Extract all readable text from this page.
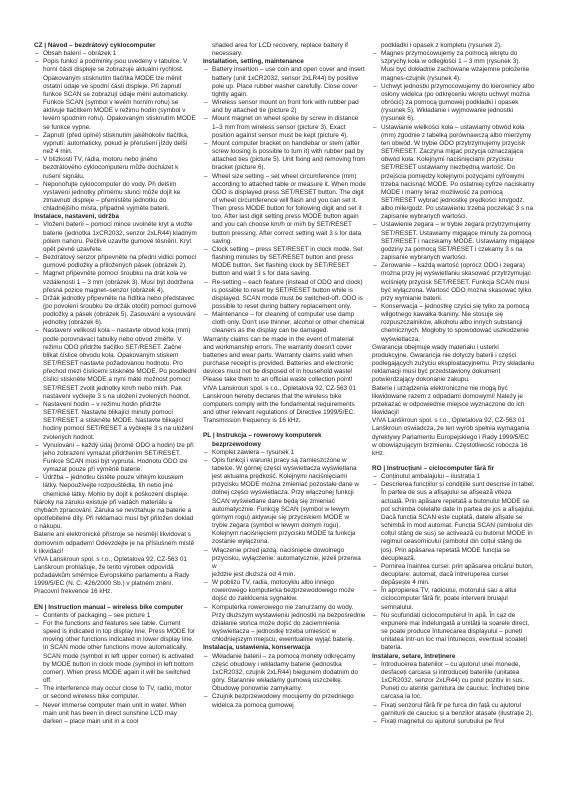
CZ | Návod – bezdrátový cyklocomputer
– Obsah balení – obrázek 1
– Popis funkcí a podmínky jsou uvedeny v tabulce. V horní části displeje se zobrazuje aktuální rychlost. Opakovaným stisknutím tlačítka MODE lze měnit ostatní údaje ve spodní části displeje. Při zapnutí funkce SCAN se zobrazují údaje mění automaticky. Funkce SCAN (symbol v levém horním rohu) se aktivuje tlačítkem MODE v režimu hodin (symbol v levém spodním rohu). Opakovaným stisknutím MODE se funkce vypne.
– Zapnutí (před úplné) stisknutím jakéhokoliv tlačítka, vypnutí: automaticky, pokud je přerušení jízdy delší než 4 min.
– V blízkosti TV, rádia, motoru nebo jiného bezdrátového cyklocomputeru může docházet k rušení signálu.
– Neponořujte cyklocomputer do vody. Při delším vystavení jednotky přímému slunci může dojít ke ztmavnutí displeje – přemístěte jednotku do chladnějšího místa, připadně vyjměte baterii.
Instalace, nastavení, údržba
– Vložení baterií – pomocí mince uvolněte kryt a vložte baterie (jednotka 1xCR2032, senzor 2xLR44) kladným pólem nahoru. Pečlivě uzavřte gumové těsnění. Kryt opět pevně uzavřete.
– Bezdrátový senzor připevněte na přední vidlici pomocí gumové podložky a přiložených pásek (obrázek 2).
– Magnet připevněte pomocí šroubku na drát kola ve vzdálenosti 1 – 3 mm (obrázek 3). Musí být dodržena přesná pozice magnet–senzor (obrázek 4).
– Držák jednotky připevněte na řídítka nebo představec (po povolení šroubku lze držák otočit) pomocí gumové podložky a pásek (obrázek 5). Zasouvání a vysouvání jednotky (obrázek 6).
– Nastavení velikosti kola – nastavte obvod kola (mm) podle porovnávací tabulky nebo obvod změřte. V režimu ODO přidržte tlačítko SET/RESET. Začne blikat číslice obvodu kola. Opakovaným stiskem SET/RESET nastavte požadovanou hodnotu. Pro přechod mezi číslicemi stiskněte MODE. Po posdlední číslici stiskněte MODE a nyní máte možnost pomocí SET/RESET zvolit jednotky km/h nebo mil/h. Pak nastavení vyčkejte 3 s na uložení zvolených hodnot.
– Nastavení hodin – v režimu hodin přidržte SET/RESET. Nastavte blikající minuty pomocí SET/RESET a stiskněte MODE. Nastavte blikající hodiny pomocí SET/RESET a vyčkejte 3 s na uložení zvolených hodnot.
– Vynulování – každý údaj (kromě ODO a hodin) lze při jeho zobrazení vymazat přidržením SET/RESET. Funkce SCAN musí být vypnuta. Hodnotu ODO lze vymazat pouze při výměně baterie.
– Údržba – jednotku čistěte pouze vlhkým kouskem látky. Nepoužívejte rozpouštědla, líh nebo jiné chemické látky. Mohlo by dojít k poškození displeje.

Nároky na záruku existuje při vadách materiálu a chybách zpracování. Záruka se nevztahuje na baterie a opotřebitelné díly. Při reklamaci musí být přiložen doklad o nákupu.

Baterie ani elektronické přístroje se nesmějí likvidovat s domovním odpadem! Odevzdejte je na příslušném místě k likvidaci!

VIVA Lanskroun spol. s r.o., Opletalova 92, CZ-563 01 Lanškroun prohlašuje, že tento výrobek odpovídá požadavkům směrnice Evropského parlamentu a Rady 1999/5/EC (N. C. 426/2000 Sb.) v platném znění. Pracovní frekvence 16 kHz.

EN | Instruction manual – wireless bike computer
– Contents of packaging – see picture 1
– For the functions and features see table. Current speed is indicated in top display line. Press MODE for moving other functions indicated in lower display line. In SCAN mode other functions move automatically. SCAN mode (symbol in left upper corner) is activated by MODE button in clock mode (symbol in left bottom corner). When press MODE again it will be switched off.
– The interference may occur close to TV, radio, motor or second wireless bike computer.
– Never immerse computer main unit in water. When main unit has been in direct sunshine LCD may darken – place main unit in a cool
shaded area for LCD recovery, replace battery if necessary.
Installation, setting, maintenance
– Battery insertion – use coin and open cover and insert battery (unit 1xCR2032, sensor 2xLR44) by positive pole up. Place rubber washer carefully. Close cover tightly again.
– Wireless sensor mount on front fork with rubber pad and by attached tie (picture 2)
– Mount magnet on wheel spoke by screw in distance 1–3 mm from wireless sensor (picture 3). Exact position against sensor must be kept (picture 4).
– Mount computer bracket on handlebar or stem (after screw loosing is possible to turn it) with rubber pad by attached ties (picture 5). Unit fixing and removing from bracket (picture 6).
– Wheel size setting – set wheel circumference (mm) according to attached table or measure it. When mode ODO is displayed press SET/RESET button. The digit of wheel circumference will flash and you can set it. Then press MODE button for following digit and set it too. After last digit setting press MODE button again and you can choose km/h or mi/h by SET/RESET button pressing. After correct setting wait 3 s for data saving.
– Clock setting – press SET/RESET in clock mode. Set flashing minutes by SET/RESET button and press MODE button. Set flashing clock by SET/RESET button and wait 3 s for data saving.
– Re-setting – each feature (instead of ODO and clock) is possible to reset by SET/RESET button while is displayed. SCAN mode must be switched-off. ODO is possible to reset during battery replacement only.
– Maintenance – for cleaning of computer use damp cloth only. Don't use thinner, alcohol or other chemical cleaners as the display can be damaged.

Warranty claims can be made in the event of material and workmanship errors. The warranty doesn't cover batteries and wear parts. Warranty claims valid when purchase receipt is provided. Batteries and electronic devices must not be disposed of in household waste! Please take them to an official waste collection point!

VIVA Lanskroun spol. s r.o., Opletalova 92, CZ-563 01 Lanskroun hereby declares that the wireless bike computers comply with the fundamental requirements and other relevant regulations of Directive 1999/5/EC. Transmission frequency is 16 kHz.

PL | Instrukcja – rowerowy komputerek
bezprzewodowy
– Komplet zawiera – rysunek 1
– Opis funkcji i warunki pracy są zamieszczone w tabelce. W górnej części wyświetlacza wyświetlana jest aktualna prędkość. Kolejnymi naciśnięciami przycisku MODE można zmieniać pozostałe dane w dolnej części wyświetlacza. Przy włączonej funkcji SCAN wyświetlane dane będą się zmieniać automatycznie. Funkcję SCAN (symbol w lewym górnym rogu) aktywuje się przyciskiem MODE w trybie zegara (symbol w lewym dolnym rogu). Kolejnym naciśnięciem przycisku MODE ta funkcja zostanie wyłączona.
– Włączenie przed jazdą: naciśnięcie dowolnego przycisku, wyłączenie: automatycznie, jeżeli przerwa w
jeździe jest dłuższa od 4 min.
– W pobliżu TV, radia, motocyklu albo innego rowerowego komputerka bezprzewodowego może dojść do zakłócenia sygnałów.
– Komputerka rowerowego nie zanurzamy do wody. Przy dłuższym wystawieniu jednostki na bezpośrednie działanie słońca może dojść do zaciemnienia wyświetlacza – jednostkę trzeba umieścić w chłodniejszym miejscu, ewentualnie wyjąć baterię.
Instalacja, ustawienia, konserwacja
– Wkładanie baterii – za pomocą monety odkręcamy część obudowy i wkładamy baterie (jednostka 1xCR2032, czujnik 2xLR44) biegunem dodatnim do góry. Starannie wkładamy gumową uszczelkę. Obudowę ponownie zamykamy.
– Czujnik bezprzewodowy mocujemy do przedniego widelca za pomocą gumowej
podkładki i opasek z kompletu (rysunek 2).
– Magnes przymocowujemy za pomocą wkrętu do szprychy koła w odległości 1 – 3 mm (rysunek 3). Musi być dokładnie zachowane wzajemne położenie magnes-czujnik (rysunek 4).
– Uchwyt jednostki przymocowujemy do kierownicy albo osłony widelca (po odkręceniu wkrętu uchwyt można obrócić) za pomocą gumowej podkładki i opasek (rysunek 5). Wkładanie i wyjmowanie jednostki (rysunek 6).
– Ustawianie wielkości koła – ustawiamy obwód koła (mm) zgodnie z tabelką porównawczą albo mierzymy ten obwód. W trybie ODO przytrzymujemy przycisk SET/RESET. Zaczyna migać pozycja oznaczająca obwód koła. Kolejnymi naciśnięciami przycisku SET/RESET ustawiamy niezbędną wartość. Do przejścia pomiędzy kolejnymi pozycjami cyfrowymi trzeba nacisnąć MODE. Po ostatniej cyfrze naciskamy MODE i mamy teraz możliwość za pomocą SET/RESET wybrać jednostkę prędkości km/godz. albo mile/godz. Po ustawieniu trzeba poczekać 3 s na zapisanie wybranych wartości.
– Ustawienie zegara – w trybie zegara przytrzymujemy SET/RESET. Ustawiamy migające minuty za pomocą SET/RESET i naciskamy MODE. Ustawiamy migające godziny za pomocą SET/RESET i czekamy 3 s na zapisanie wybranych wartości.
– Zerowanie – każdą wartość (oprócz ODO i zegara) można przy jej wyświetlaniu skasować przytrzymując wciśnięty przycisk SET/RESET. Funkcja SCAN musi być wyłączona. Wartość ODO można skasować tylko przy wymianie baterii.
– Konserwacja – jednostkę czyści się tylko za pomocą wilgotnego kawałka tkaniny. Nie stosuje się rozpuszczalników, alkoholu albo innych substancji chemicznych. Mogłoby to spowodować uszkodzenie wyświetlacza.

Gwarancja obejmuje wady materiału i usterki produkcyjne. Gwarancja nie dotyczy baterii i części podlegających zużyciu eksploatacyjnemu. Przy składaniu reklamacji musi być przedstawiony dokument potwierdzający dokonanie zakupu.

Baterie i urządzenia elektroniczne nie mogą być likwidowane razem z odpadami domowymi! Należy je przekazać w odpowiednie miejsce wyznaczone do ich likwidacji!

VIVA Lanškroun spol. s r.o., Opletalova 92, CZ-563 01 Lanškroun oświadcza, że ten wyrób spełnia wymagania dyrektywy Parlamentu Europejskiego i Rady 1999/5/EC w obowiązującym brzmieniu. Częstotliwość robocza 16 kHz.

RO | Instrucțiuni – ciclocomputer fără fir
– Conținutul ambalajului – ilustrația 1
– Descrierea funcțiilor și condițiile sunt descrise în tabel. În partea de sus a afișajului se afișează viteza actuală. Prin apăsare repetată a butonului MODE se pot schimba celelalte date în partea de jos a afișajului. Dacă funcția SCAN este cuplată, datele afișate se schimbă în mod automat. Funcția SCAN (simbolul din colțul stâng de sus) se activează cu butonul MODE în regimul ceasornicului (simbolul din colțul stâng de jos). Prin apăsarea repetată MODE funcția se decuplează.
– Pornirea înaintea cursei: prin apăsarea oricărui buton, decuplare: automat, dacă întreruperea cursei depășește 4 min.
– În apropierea TV, radioului, motorului sau a altui ciclocomputer fără fir, poate interveni bruiajul semnalului.
– Nu scufundați ciclocomputerul în apă. În caz de expunere mai îndelungată a unității la soarele direct, se poate produce întunecarea displayului – puneți unitatea într-un loc mai întunecos, eventual scoateți bateria.
Instalare, setare, întreținere
– Introducerea bateriilor – cu ajutorul unei monede, desfaceți carcasa și introduceți bateriile (unitatea 1xCR2032, senzor 2xLR44) cu polul pozitiv în sus. Puneți cu atenție garnitura de cauciuc. Închideți bine carcasa la loc.
– Fixați senzorul fără fir pe furca din față cu ajutorul garniturii de cauciuc și a benzilor atașate (ilustrație 2).
– Fixați magnetul cu ajutorul șurubului pe firul
